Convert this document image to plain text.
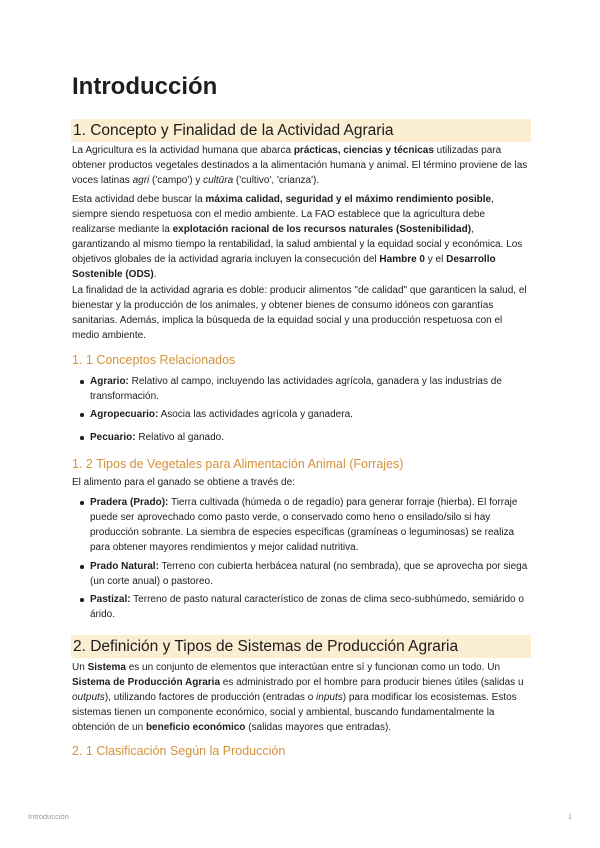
Introducción
1. Concepto y Finalidad de la Actividad Agraria

La Agricultura es la actividad humana que abarca prácticas, ciencias y técnicas utilizadas para obtener productos vegetales destinados a la alimentación humana y animal. El término proviene de las voces latinas agri ('campo') y cultūra ('cultivo', 'crianza').

Esta actividad debe buscar la máxima calidad, seguridad y el máximo rendimiento posible, siempre siendo respetuosa con el medio ambiente. La FAO establece que la agricultura debe realizarse mediante la explotación racional de los recursos naturales (Sostenibilidad), garantizando al mismo tiempo la rentabilidad, la salud ambiental y la equidad social y económica. Los objetivos globales de la actividad agraria incluyen la consecución del Hambre 0 y el Desarrollo Sostenible (ODS).

La finalidad de la actividad agraria es doble: producir alimentos "de calidad" que garanticen la salud, el bienestar y la producción de los animales, y obtener bienes de consumo idóneos con garantías sanitarias. Además, implica la búsqueda de la equidad social y una producción respetuosa con el medio ambiente.

1. 1 Conceptos Relacionados
Agrario: Relativo al campo, incluyendo las actividades agrícola, ganadera y las industrias de transformación.
Agropecuario: Asocia las actividades agrícola y ganadera.
Pecuario: Relativo al ganado.
1. 2 Tipos de Vegetales para Alimentación Animal (Forrajes)

El alimento para el ganado se obtiene a través de:

Pradera (Prado): Tierra cultivada (húmeda o de regadío) para generar forraje (hierba). El forraje puede ser aprovechado como pasto verde, o conservado como heno o ensilado/silo si hay producción sobrante. La siembra de especies específicas (gramíneas o leguminosas) se realiza para obtener mayores rendimientos y mejor calidad nutritiva.
Prado Natural: Terreno con cubierta herbácea natural (no sembrada), que se aprovecha por siega (un corte anual) o pastoreo.
Pastizal: Terreno de pasto natural característico de zonas de clima seco-subhúmedo, semiárido o árido.
2. Definición y Tipos de Sistemas de Producción Agraria

Un Sistema es un conjunto de elementos que interactúan entre sí y funcionan como un todo. Un Sistema de Producción Agraria es administrado por el hombre para producir bienes útiles (salidas u outputs), utilizando factores de producción (entradas o inputs) para modificar los ecosistemas. Estos sistemas tienen un componente económico, social y ambiental, buscando fundamentalmente la obtención de un beneficio económico (salidas mayores que entradas).

2. 1 Clasificación Según la Producción
Introducción	1
